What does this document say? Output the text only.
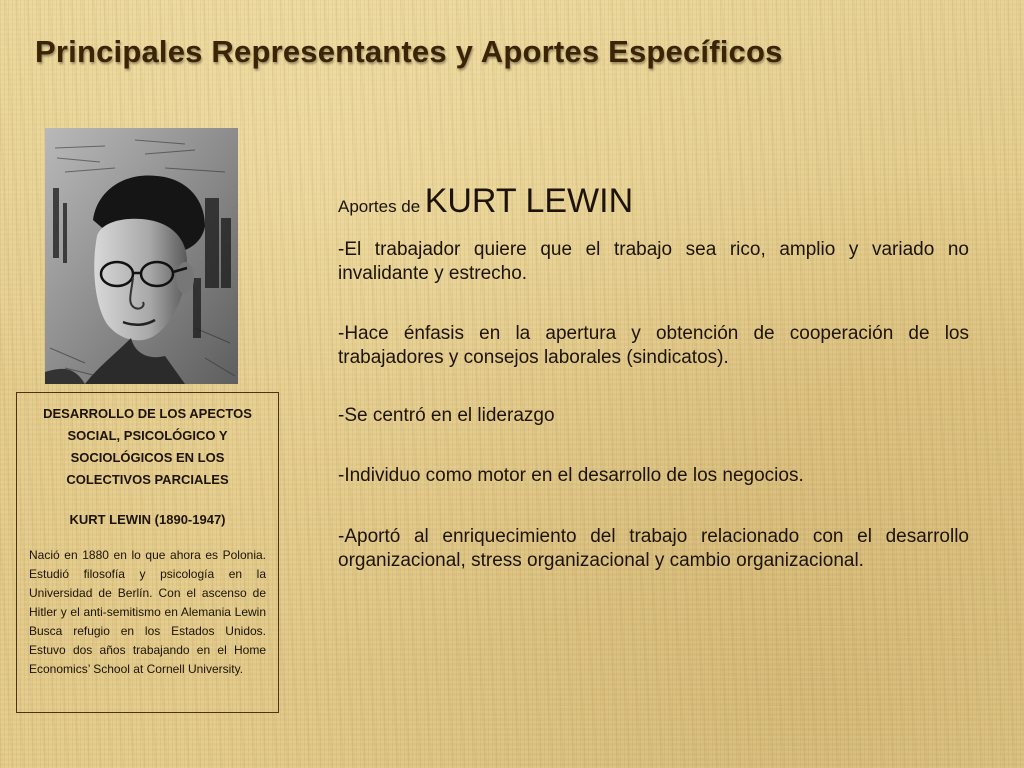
Principales Representantes y Aportes Específicos
DESARROLLO DE LOS APECTOS
SOCIAL, PSICOLÓGICO Y
SOCIOLÓGICOS EN LOS
COLECTIVOS PARCIALES
KURT LEWIN (1890-1947)
Nació en 1880 en lo que ahora es Polonia. Estudió filosofía y psicología en la Universidad de Berlín. Con el ascenso de Hitler y el anti-semitismo en Alemania Lewin Busca refugio en los Estados Unidos. Estuvo dos años trabajando en el Home Economics’ School at Cornell University.
Aportes de KURT LEWIN
-El trabajador quiere que el trabajo sea rico, amplio y variado no invalidante y estrecho.
-Hace énfasis en la apertura y obtención de cooperación de los trabajadores y consejos laborales (sindicatos).
-Se centró en el liderazgo
-Individuo como motor en el desarrollo de los negocios.
-Aportó al enriquecimiento del trabajo relacionado con el desarrollo organizacional, stress organizacional y cambio organizacional.
